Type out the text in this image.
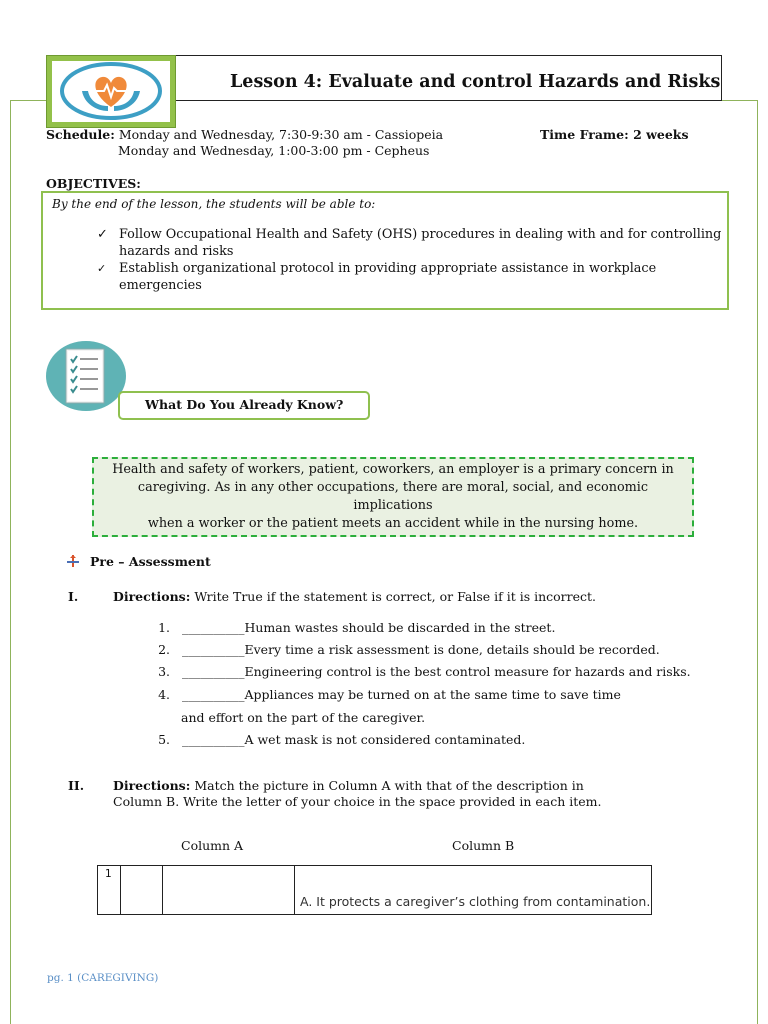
Lesson 4: Evaluate and control Hazards and Risks
Schedule: Monday and Wednesday, 7:30-9:30 am - Cassiopeia
Monday and Wednesday, 1:00-3:00 pm - Cepheus
Time Frame: 2 weeks
OBJECTIVES:
By the end of the lesson, the students will be able to:
✓ Follow Occupational Health and Safety (OHS) procedures in dealing with and for controlling
hazards and risks
✓ Establish organizational protocol in providing appropriate assistance in workplace
emergencies
What Do You Already Know?
Health and safety of workers, patient, coworkers, an employer is a primary concern in
caregiving. As in any other occupations, there are moral, social, and economic implications
when a worker or the patient meets an accident while in the nursing home.
Pre – Assessment
I.	Directions: Write True if the statement is correct, or False if it is incorrect.
1. __________Human wastes should be discarded in the street.
2. __________Every time a risk assessment is done, details should be recorded.
3. __________Engineering control is the best control measure for hazards and risks.
4. __________Appliances may be turned on at the same time to save time
and effort on the part of the caregiver.
5. __________A wet mask is not considered contaminated.
II. Directions: Match the picture in Column A with that of the description in
Column B. Write the letter of your choice in the space provided in each item.
Column A	Column B
1
A. It protects a caregiver’s clothing from contamination.
pg. 1 (CAREGIVING)
